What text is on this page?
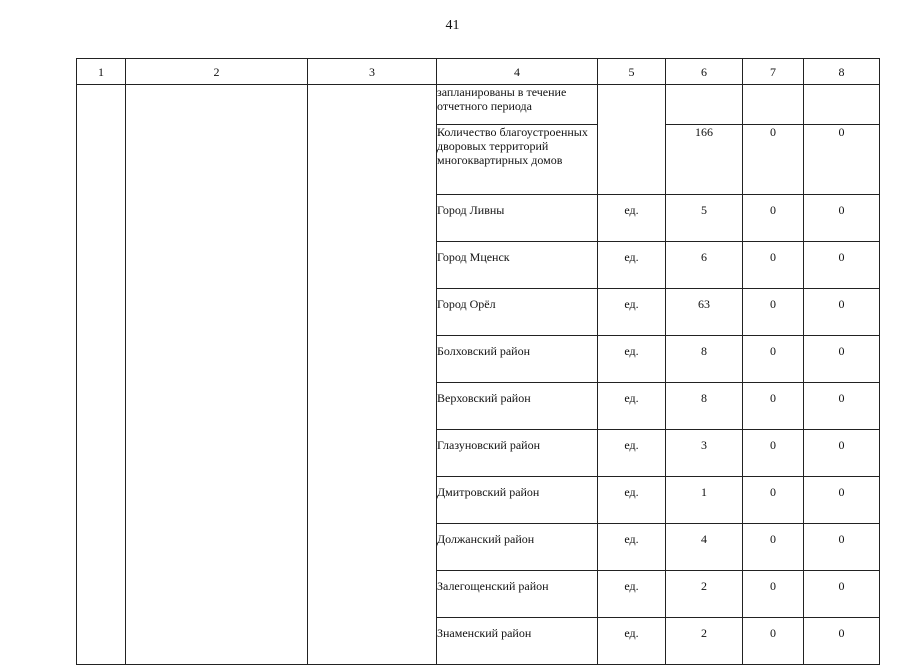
41
1	2	3	4	5	6	7	8
			запланированы в течение отчетного периода				
			Количество благоустроенных дворовых территорий многоквартирных домов		166	0	0
			Город Ливны	ед.	5	0	0
			Город Мценск	ед.	6	0	0
			Город Орёл	ед.	63	0	0
			Болховский район	ед.	8	0	0
			Верховский район	ед.	8	0	0
			Глазуновский район	ед.	3	0	0
			Дмитровский район	ед.	1	0	0
			Должанский район	ед.	4	0	0
			Залегощенский район	ед.	2	0	0
			Знаменский район	ед.	2	0	0
